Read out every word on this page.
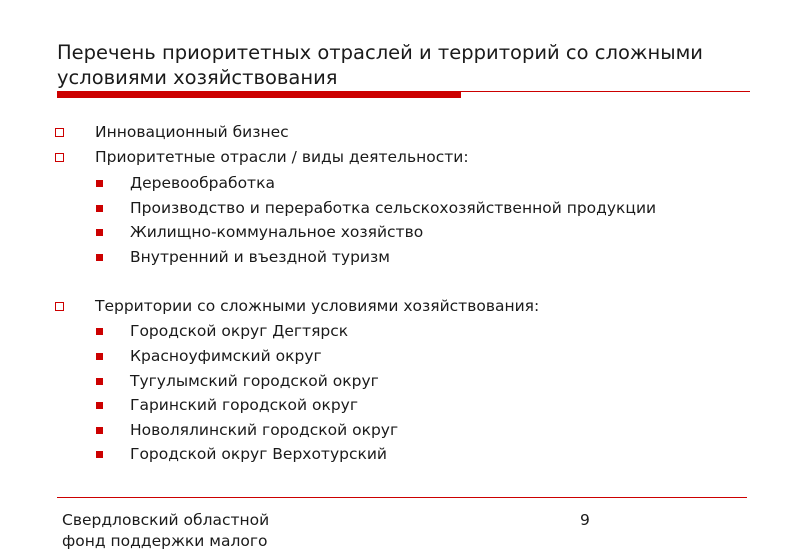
Перечень приоритетных отраслей и территорий со сложными
условиями хозяйствования
Инновационный бизнес
Приоритетные отрасли / виды деятельности:
Деревообработка
Производство и переработка сельскохозяйственной продукции
Жилищно-коммунальное хозяйство
Внутренний и въездной туризм
Территории со сложными условиями хозяйствования:
Городской округ Дегтярск
Красноуфимский округ
Тугулымский городской округ
Гаринский городской округ
Новолялинский городской округ
Городской округ Верхотурский
Свердловский областной
фонд поддержки малого
9
